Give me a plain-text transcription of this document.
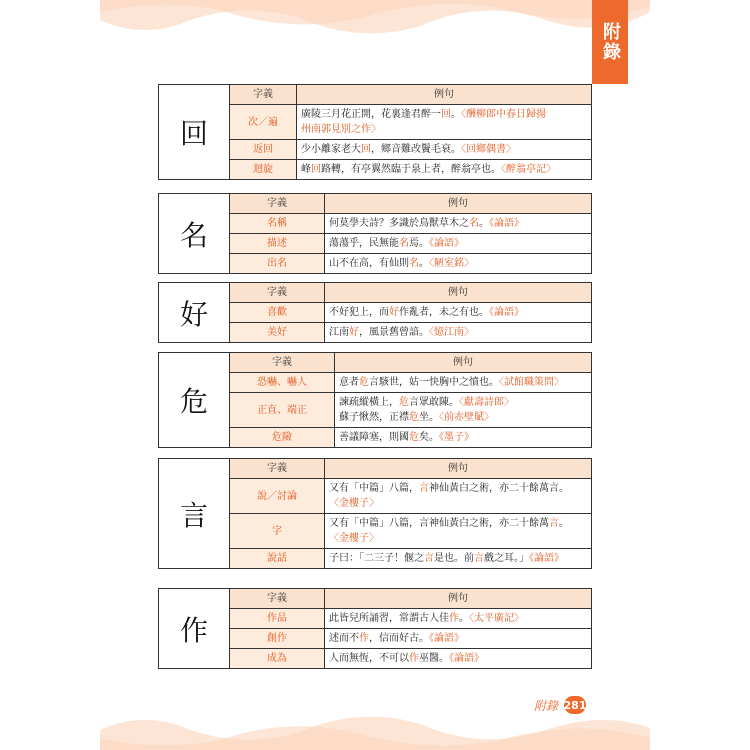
附錄
回
字義	例句
次／遍	廣陵三月花正開，花裏逢君醉一回。〈酬柳郎中春日歸揚
州南郭見別之作〉

返回	少小離家老大回，鄉音難改鬢毛衰。〈回鄉偶書〉

迴旋	峰回路轉，有亭翼然臨于泉上者，醉翁亭也。〈醉翁亭記〉
名
字義	例句
名稱	何莫學夫詩？多識於鳥獸草木之名。《論語》

描述	蕩蕩乎，民無能名焉。《論語》

出名	山不在高，有仙則名。〈陋室銘〉
好
字義	例句
喜歡	不好犯上，而好作亂者，未之有也。《論語》

美好	江南好，風景舊曾諳。〈憶江南〉
危
字義	例句
恐嚇、嚇人	意者危言駭世，姑一快胸中之憤也。〈試館職策問〉

正直、端正	諫疏縱橫上，危言眾敢陳。〈獻壽詩郎〉
蘇子愀然，正襟危坐。〈前赤壁賦〉

危險	善議障塞，則國危矣。《墨子》
言
字義	例句
說／討論	又有「中篇」八篇，言神仙黃白之術，亦二十餘萬言。
〈金樓子〉

字	又有「中篇」八篇，言神仙黃白之術，亦二十餘萬言。
〈金樓子〉

說話	子曰：「二三子！偃之言是也。前言戲之耳。」《論語》
作
字義	例句
作品	此皆兒所誦習，常謂古人佳作。〈太平廣記〉

創作	述而不作，信而好古。《論語》

成為	人而無恆，不可以作巫醫。《論語》
附錄 281
